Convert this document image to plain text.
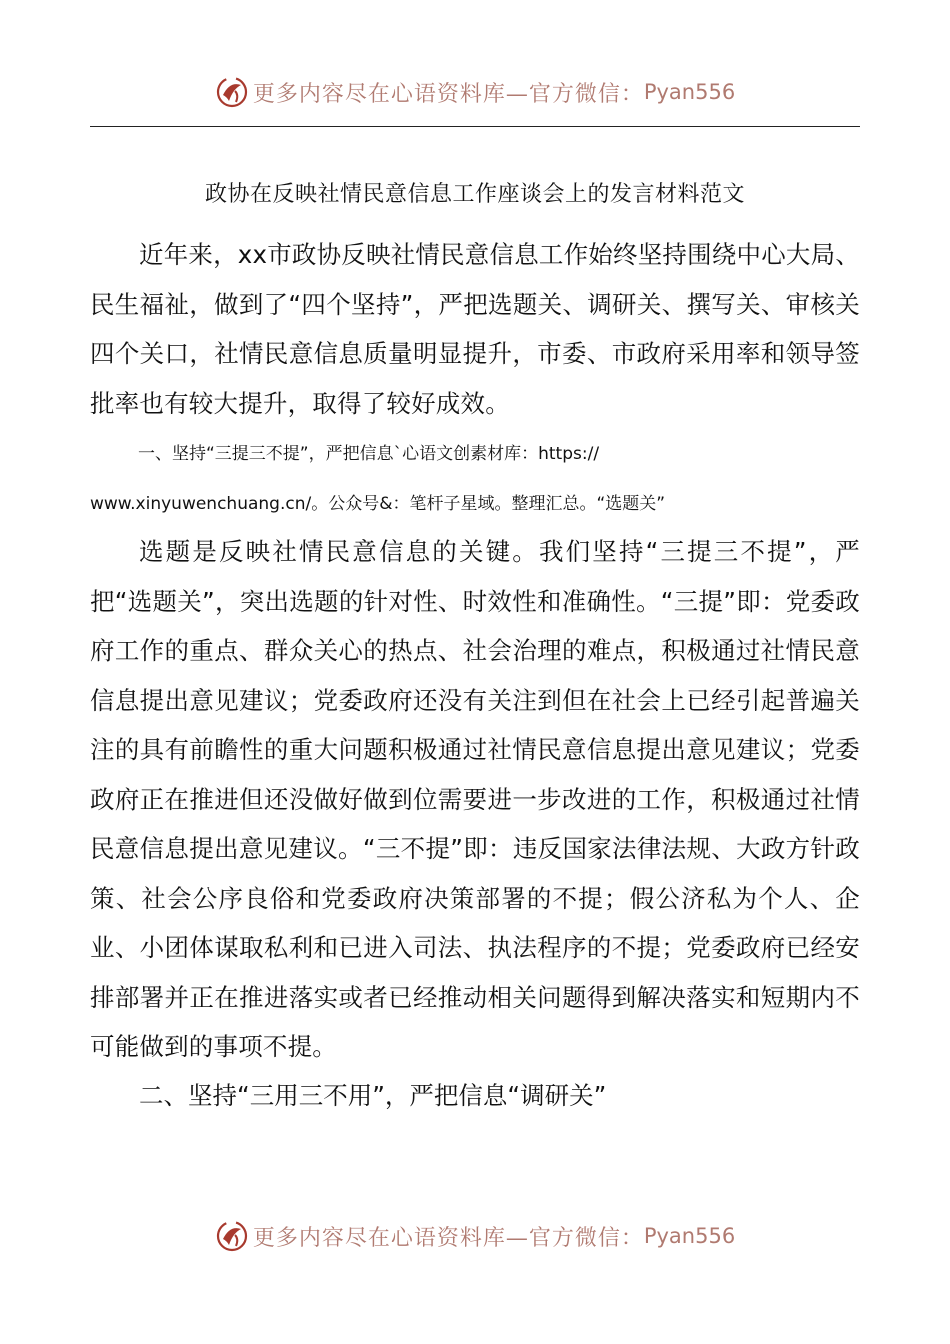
更多内容尽在心语资料库—官方微信： Pyan556
政协在反映社情民意信息工作座谈会上的发言材料范文
近年来，xx市政协反映社情民意信息工作始终坚持围绕中心大局、民生福祉，做到了“四个坚持”，严把选题关、调研关、撰写关、审核关四个关口，社情民意信息质量明显提升，市委、市政府采用率和领导签批率也有较大提升，取得了较好成效。
一、坚持“三提三不提”，严把信息`心语文创素材库：https://
www.xinyuwenchuang.cn/。公众号&：笔杆子星域。整理汇总。“选题关”
选题是反映社情民意信息的关键。我们坚持“三提三不提”，严把“选题关”，突出选题的针对性、时效性和准确性。“三提”即：党委政府工作的重点、群众关心的热点、社会治理的难点，积极通过社情民意信息提出意见建议；党委政府还没有关注到但在社会上已经引起普遍关注的具有前瞻性的重大问题积极通过社情民意信息提出意见建议；党委政府正在推进但还没做好做到位需要进一步改进的工作，积极通过社情民意信息提出意见建议。“三不提”即：违反国家法律法规、大政方针政策、社会公序良俗和党委政府决策部署的不提；假公济私为个人、企业、小团体谋取私利和已进入司法、执法程序的不提；党委政府已经安排部署并正在推进落实或者已经推动相关问题得到解决落实和短期内不可能做到的事项不提。
二、坚持“三用三不用”，严把信息“调研关”
更多内容尽在心语资料库—官方微信： Pyan556
